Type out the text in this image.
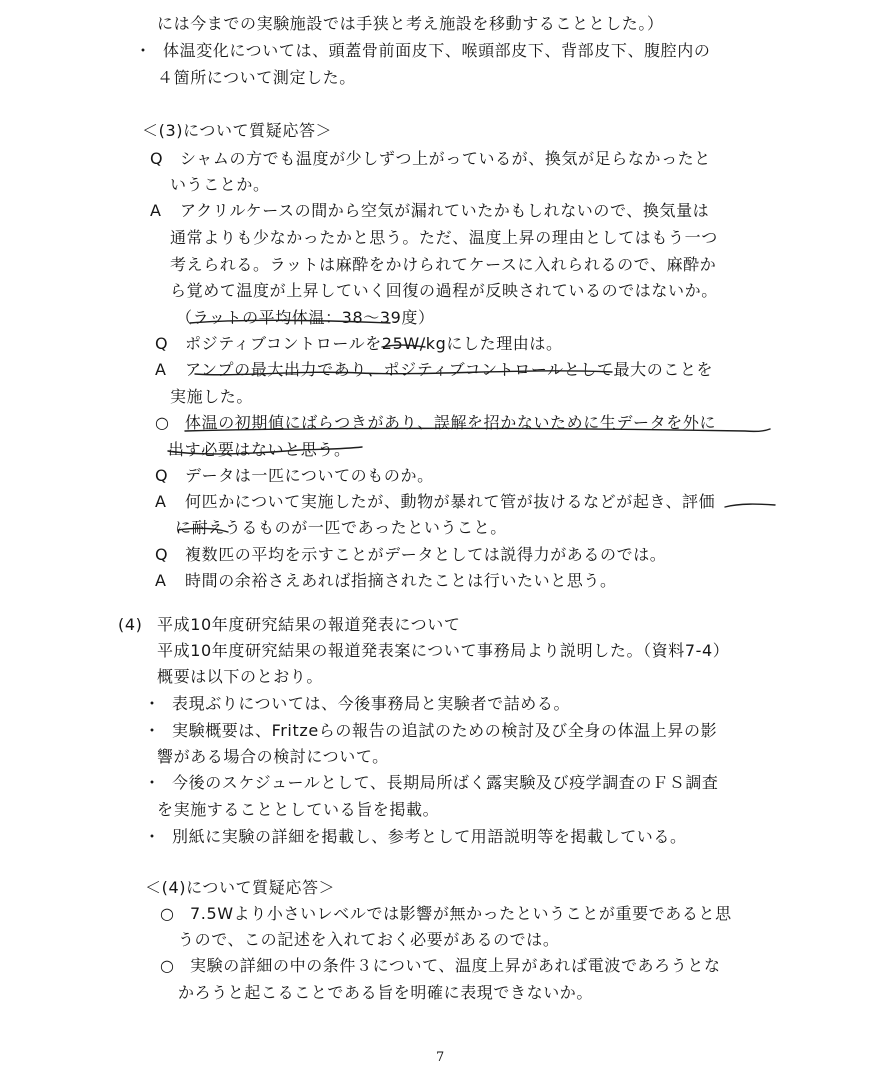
には今までの実験施設では手狭と考え施設を移動することとした。）
・ 体温変化については、頭蓋骨前面皮下、喉頭部皮下、背部皮下、腹腔内の
４箇所について測定した。
＜(3)について質疑応答＞
Q シャムの方でも温度が少しずつ上がっているが、換気が足らなかったと
いうことか。
A アクリルケースの間から空気が漏れていたかもしれないので、換気量は
通常よりも少なかったかと思う。ただ、温度上昇の理由としてはもう一つ
考えられる。ラットは麻酔をかけられてケースに入れられるので、麻酔か
ら覚めて温度が上昇していく回復の過程が反映されているのではないか。
（ラットの平均体温：38～39度）
Q ポジティブコントロールを25W/kgにした理由は。
A アンプの最大出力であり、ポジティブコントロールとして最大のことを
実施した。
○ 体温の初期値にばらつきがあり、誤解を招かないために生データを外に
出す必要はないと思う。
Q データは一匹についてのものか。
A 何匹かについて実施したが、動物が暴れて管が抜けるなどが起き、評価
に耐えうるものが一匹であったということ。
Q 複数匹の平均を示すことがデータとしては説得力があるのでは。
A 時間の余裕さえあれば指摘されたことは行いたいと思う。
(4) 平成10年度研究結果の報道発表について
平成10年度研究結果の報道発表案について事務局より説明した。（資料7-4）
概要は以下のとおり。
・ 表現ぶりについては、今後事務局と実験者で詰める。
・ 実験概要は、Fritzeらの報告の追試のための検討及び全身の体温上昇の影
響がある場合の検討について。
・ 今後のスケジュールとして、長期局所ばく露実験及び疫学調査のＦＳ調査
を実施することとしている旨を掲載。
・ 別紙に実験の詳細を掲載し、参考として用語説明等を掲載している。
＜(4)について質疑応答＞
○ 7.5Wより小さいレベルでは影響が無かったということが重要であると思
うので、この記述を入れておく必要があるのでは。
○ 実験の詳細の中の条件３について、温度上昇があれば電波であろうとな
かろうと起こることである旨を明確に表現できないか。
7
